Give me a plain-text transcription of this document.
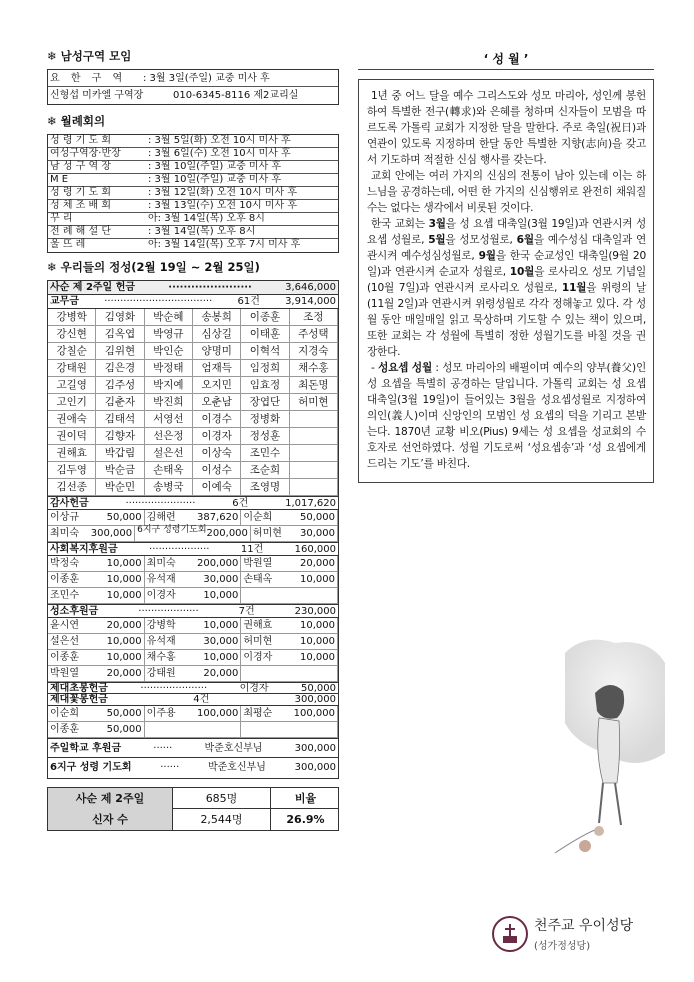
❄ 남성구역 모임
요 한 구 역	: 3월 3일(주일) 교중 미사 후
신형섭 미카엘 구역장	010-6345-8116 제2교리실
❄ 월례회의
성 령 기 도 회	: 3월 5일(화) 오전 10시 미사 후
여성구역장·반장	: 3월 6일(수) 오전 10시 미사 후
남 성 구 역 장	: 3월 10일(주일) 교중 미사 후
M E	: 3월 10일(주일) 교중 미사 후
성 령 기 도 회	: 3월 12일(화) 오전 10시 미사 후
성 체 조 배 회	: 3월 13일(수) 오전 10시 미사 후
꾸 리	아: 3월 14일(목) 오후 8시
전 례 해 설 단	: 3월 14일(목) 오후 8시
울 뜨 레	아: 3월 14일(목) 오후 7시 미사 후
❄ 우리들의 정성(2월 19일 ~ 2월 25일)
사순 제 2주일 헌금	······················	3,646,000
교무금	··································	61건	3,914,000
강병학	김영화	박순혜	송봉희	이종훈	조정
강신현	김옥엽	박영규	심상길	이태훈	주성택
강칠순	김위현	박인순	양명미	이혁석	지경숙
강태원	김은경	박정태	엄재득	임정희	채수홍
고길영	김주성	박지예	오지민	임효정	최돈명
고인기	김춘자	박진희	오춘남	장엽단	허미현
권애숙	김태석	서영선	이경수	정병화
권이덕	김향자	선은정	이경자	정성훈
권해효	박갑림	설은선	이상숙	조민수
김두영	박순금	손태옥	이성수	조순희
김선종	박순민	송병국	이예숙	조영명
감사헌금	······················	6건	1,017,620
이상규	50,000 김해련 387,620 이순희	50,000
최미숙 300,000 6지구 성령기도회 200,000 허미현 30,000
사회복지후원금	···················	11건	160,000
박정숙	10,000 최미숙 200,000 박원열	20,000
이종훈	10,000 유석재	30,000 손태옥	10,000
조민수	10,000 이경자	10,000
성소후원금	···················	7건	230,000
윤시연	20,000 강병학	10,000 권해효	10,000
설은선	10,000 유석재	30,000 허미현	10,000
이종훈	10,000 채수홍	10,000 이경자	10,000
박원열	20,000 강태원	20,000
제대초봉헌금	·····················	이경자	50,000
제대꽃봉헌금	4건	300,000
이순희	50,000 이주용 100,000 최평순 100,000
이종훈	50,000
주일학교 후원금	······	박준호신부님	300,000
6지구 성령 기도회	······	박준호신부님	300,000
사순 제 2주일	685명	비율
신자 수	2,544명	26.9%
‘ 성 월 ’

1년 중 어느 달을 예수 그리스도와 성모 마리아, 성인께 봉헌하여 특별한 전구(轉求)와 은혜를 청하며 신자들이 모범을 따르도록 가톨릭 교회가 지정한 달을 말한다. 주로 축일(祝日)과 연관이 있도록 지정하며 한달 동안 특별한 지향(志向)을 갖고서 기도하며 적절한 신심 행사를 갖는다.

교회 안에는 여러 가지의 신심의 전통이 남아 있는데 이는 하느님을 공경하는데, 어떤 한 가지의 신심행위로 완전히 채워질 수는 없다는 생각에서 비롯된 것이다.

한국 교회는 3월을 성 요셉 대축일(3월 19일)과 연관시켜 성 요셉 성월로, 5월을 성모성월로, 6월을 예수성심 대축일과 연관시켜 예수성심성월로, 9월을 한국 순교성인 대축일(9월 20일)과 연관시켜 순교자 성월로, 10월을 로사리오 성모 기념일(10월 7일)과 연관시켜 로사리오 성월로, 11월을 위령의 날(11월 2일)과 연관시켜 위령성월로 각각 정해놓고 있다. 각 성월 동안 매일매일 읽고 묵상하며 기도할 수 있는 책이 있으며, 또한 교회는 각 성월에 특별히 정한 성월기도를 바칠 것을 권장한다.

- 성요셉 성월 : 성모 마리아의 배필이며 예수의 양부(養父)인 성 요셉을 특별히 공경하는 달입니다. 가톨릭 교회는 성 요셉 대축일(3월 19일)이 들어있는 3월을 성요셉성월로 지정하여 의인(義人)이며 신앙인의 모범인 성 요셉의 덕을 기리고 본받는다. 1870년 교황 비오(Pius) 9세는 성 요셉을 성교회의 수호자로 선언하였다. 성월 기도로써 ‘성요셉송’과 ‘성 요셉에게 드리는 기도’를 바친다.

천주교 우이성당
(성가정성당)
